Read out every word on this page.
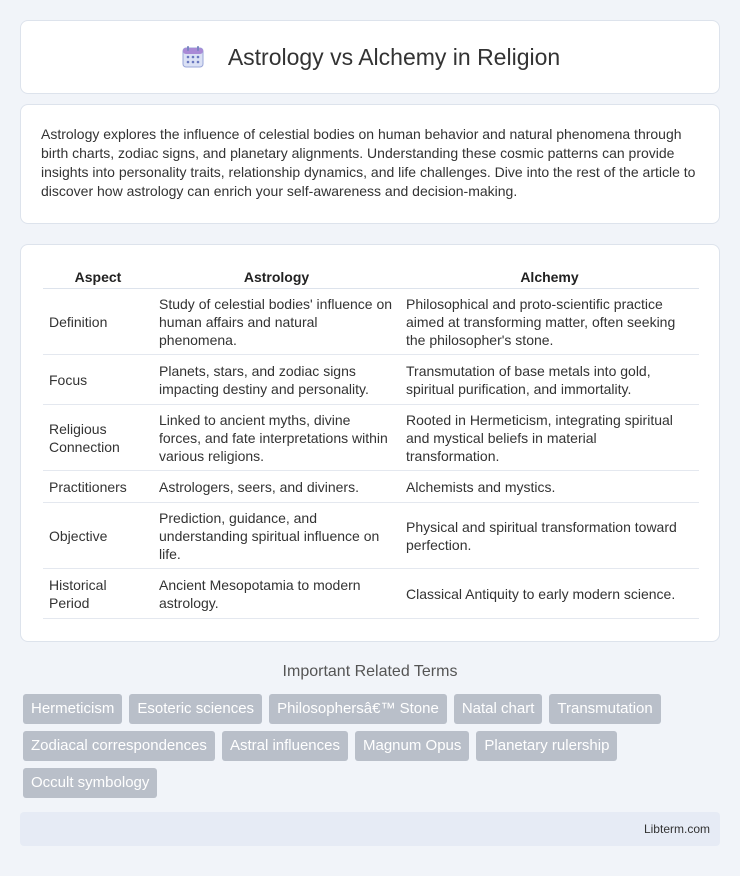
Astrology vs Alchemy in Religion

Astrology explores the influence of celestial bodies on human behavior and natural phenomena through birth charts, zodiac signs, and planetary alignments. Understanding these cosmic patterns can provide insights into personality traits, relationship dynamics, and life challenges. Dive into the rest of the article to discover how astrology can enrich your self-awareness and decision-making.

Aspect	Astrology	Alchemy
Definition	Study of celestial bodies' influence on human affairs and natural phenomena.	Philosophical and proto-scientific practice aimed at transforming matter, often seeking the philosopher's stone.
Focus	Planets, stars, and zodiac signs impacting destiny and personality.	Transmutation of base metals into gold, spiritual purification, and immortality.
Religious Connection	Linked to ancient myths, divine forces, and fate interpretations within various religions.	Rooted in Hermeticism, integrating spiritual and mystical beliefs in material transformation.
Practitioners	Astrologers, seers, and diviners.	Alchemists and mystics.
Objective	Prediction, guidance, and understanding spiritual influence on life.	Physical and spiritual transformation toward perfection.
Historical Period	Ancient Mesopotamia to modern astrology.	Classical Antiquity to early modern science.
Important Related Terms
Hermeticism	Esoteric sciences	Philosophersâ€™ Stone	Natal chart	Transmutation
Zodiacal correspondences	Astral influences	Magnum Opus	Planetary rulership
Occult symbology
Libterm.com
